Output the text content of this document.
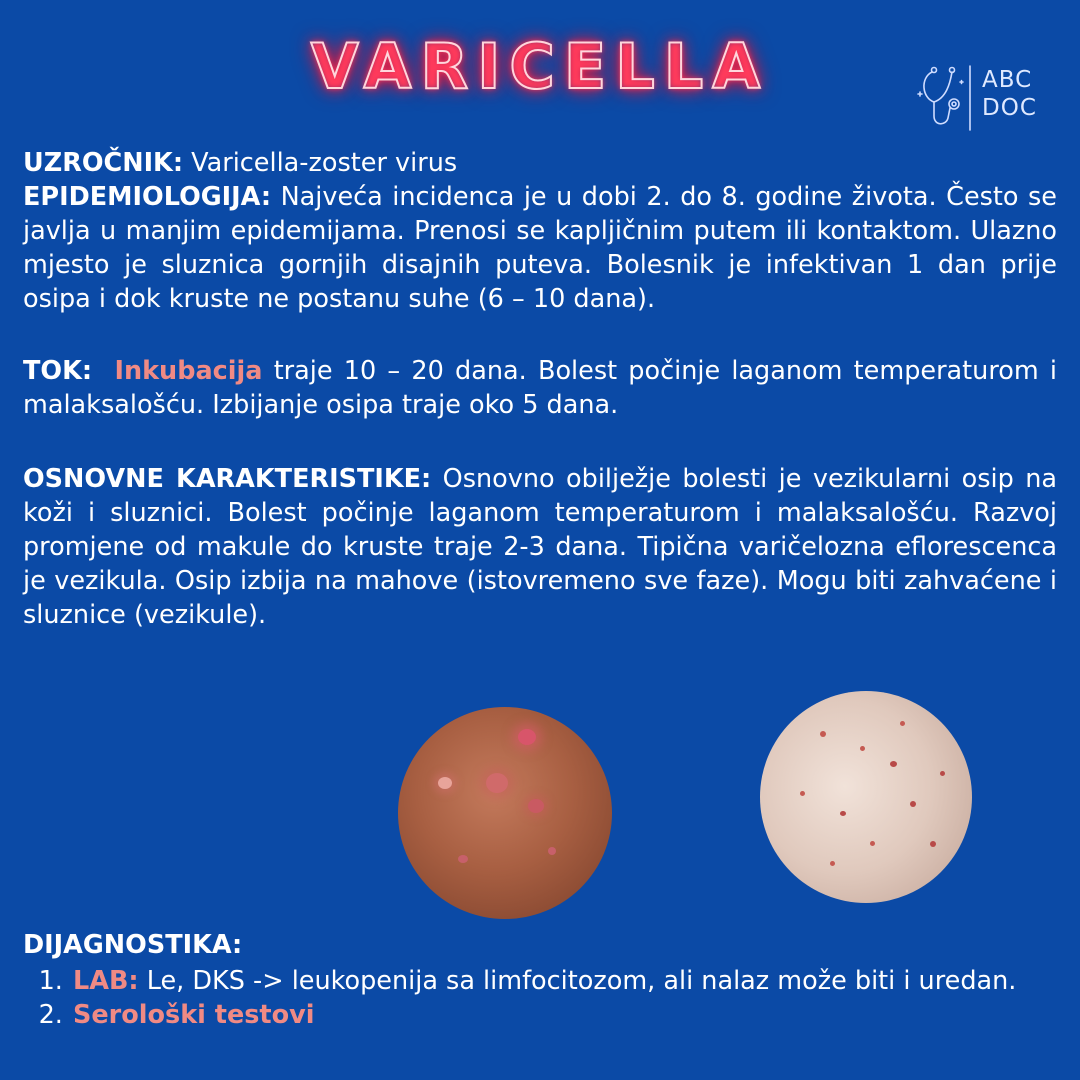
VARICELLA	ABC
DOC

UZROČNIK: Varicella-zoster virus

EPIDEMIOLOGIJA: Najveća incidenca je u dobi 2. do 8. godine života. Često se javlja u manjim epidemijama. Prenosi se kapljičnim putem ili kontaktom. Ulazno mjesto je sluznica gornjih disajnih puteva. Bolesnik je infektivan 1 dan prije osipa i dok kruste ne postanu suhe (6 – 10 dana).

TOK: Inkubacija traje 10 – 20 dana. Bolest počinje laganom temperaturom i malaksalošću. Izbijanje osipa traje oko 5 dana.

OSNOVNE KARAKTERISTIKE: Osnovno obilježje bolesti je vezikularni osip na koži i sluznici. Bolest počinje laganom temperaturom i malaksalošću. Razvoj promjene od makule do kruste traje 2-3 dana. Tipična varičelozna eflorescenca je vezikula. Osip izbija na mahove (istovremeno sve faze). Mogu biti zahvaćene i sluznice (vezikule).

DIJAGNOSTIKA:
1. LAB: Le, DKS -> leukopenija sa limfocitozom, ali nalaz može biti i uredan.
2. Serološki testovi
